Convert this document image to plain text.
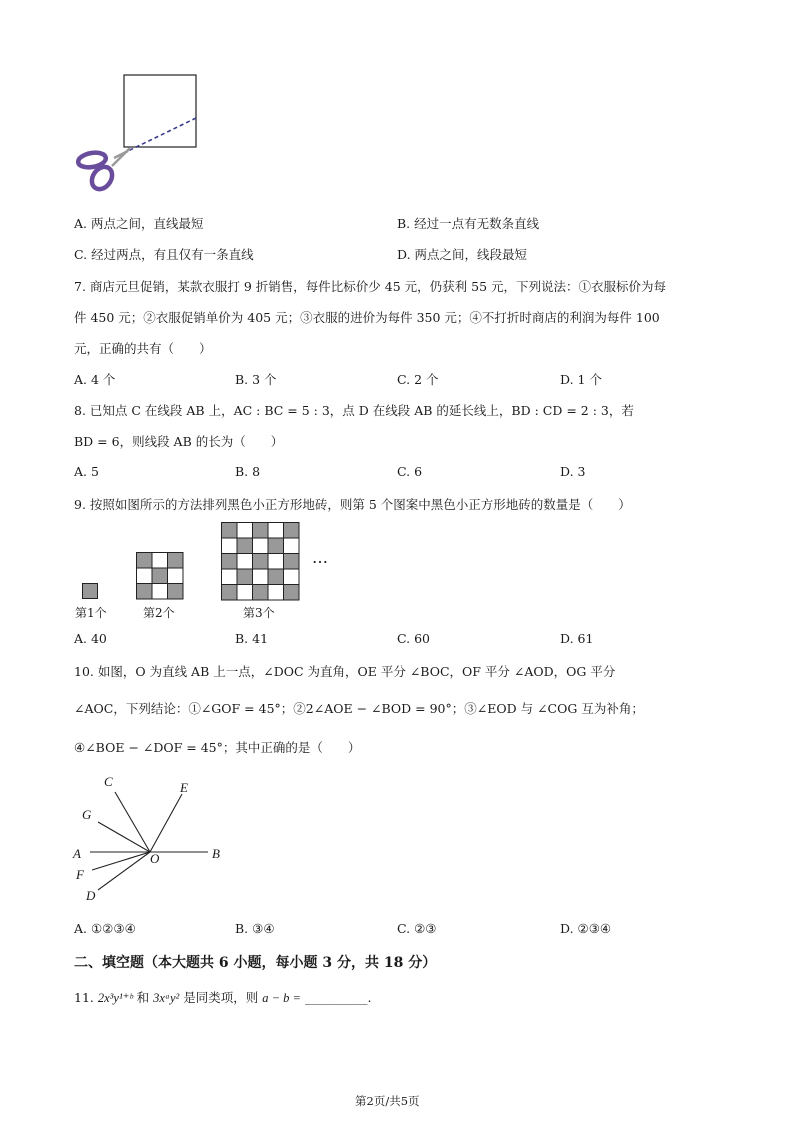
A. 两点之间，直线最短	B. 经过一点有无数条直线
C. 经过两点，有且仅有一条直线	D. 两点之间，线段最短
7. 商店元旦促销，某款衣服打 9 折销售，每件比标价少 45 元，仍获利 55 元，下列说法：①衣服标价为每
件 450 元；②衣服促销单价为 405 元；③衣服的进价为每件 350 元；④不打折时商店的利润为每件 100
元，正确的共有（　　）
A. 4 个	B. 3 个	C. 2 个	D. 1 个
8. 已知点 C 在线段 AB 上，AC : BC = 5 : 3，点 D 在线段 AB 的延长线上，BD : CD = 2 : 3，若
BD = 6，则线段 AB 的长为（　　）
A. 5	B. 8	C. 6	D. 3
9. 按照如图所示的方法排列黑色小正方形地砖，则第 5 个图案中黑色小正方形地砖的数量是（　　）
…
第1个	第2个	第3个
A. 40	B. 41	C. 60	D. 61
10. 如图，O 为直线 AB 上一点，∠DOC 为直角，OE 平分 ∠BOC，OF 平分 ∠AOD，OG 平分
∠AOC，下列结论：①∠GOF = 45°；②2∠AOE − ∠BOD = 90°；③∠EOD 与 ∠COG 互为补角；
④∠BOE − ∠DOF = 45°；其中正确的是（　　）
C	E
G
A	O	B
F
D
A. ①②③④	B. ③④	C. ②③	D. ②③④
二、填空题（本大题共 6 小题，每小题 3 分，共 18 分）
11. 2x³y¹⁺ᵇ 和 3xᵃy² 是同类项，则 a − b = __________.
第2页/共5页
